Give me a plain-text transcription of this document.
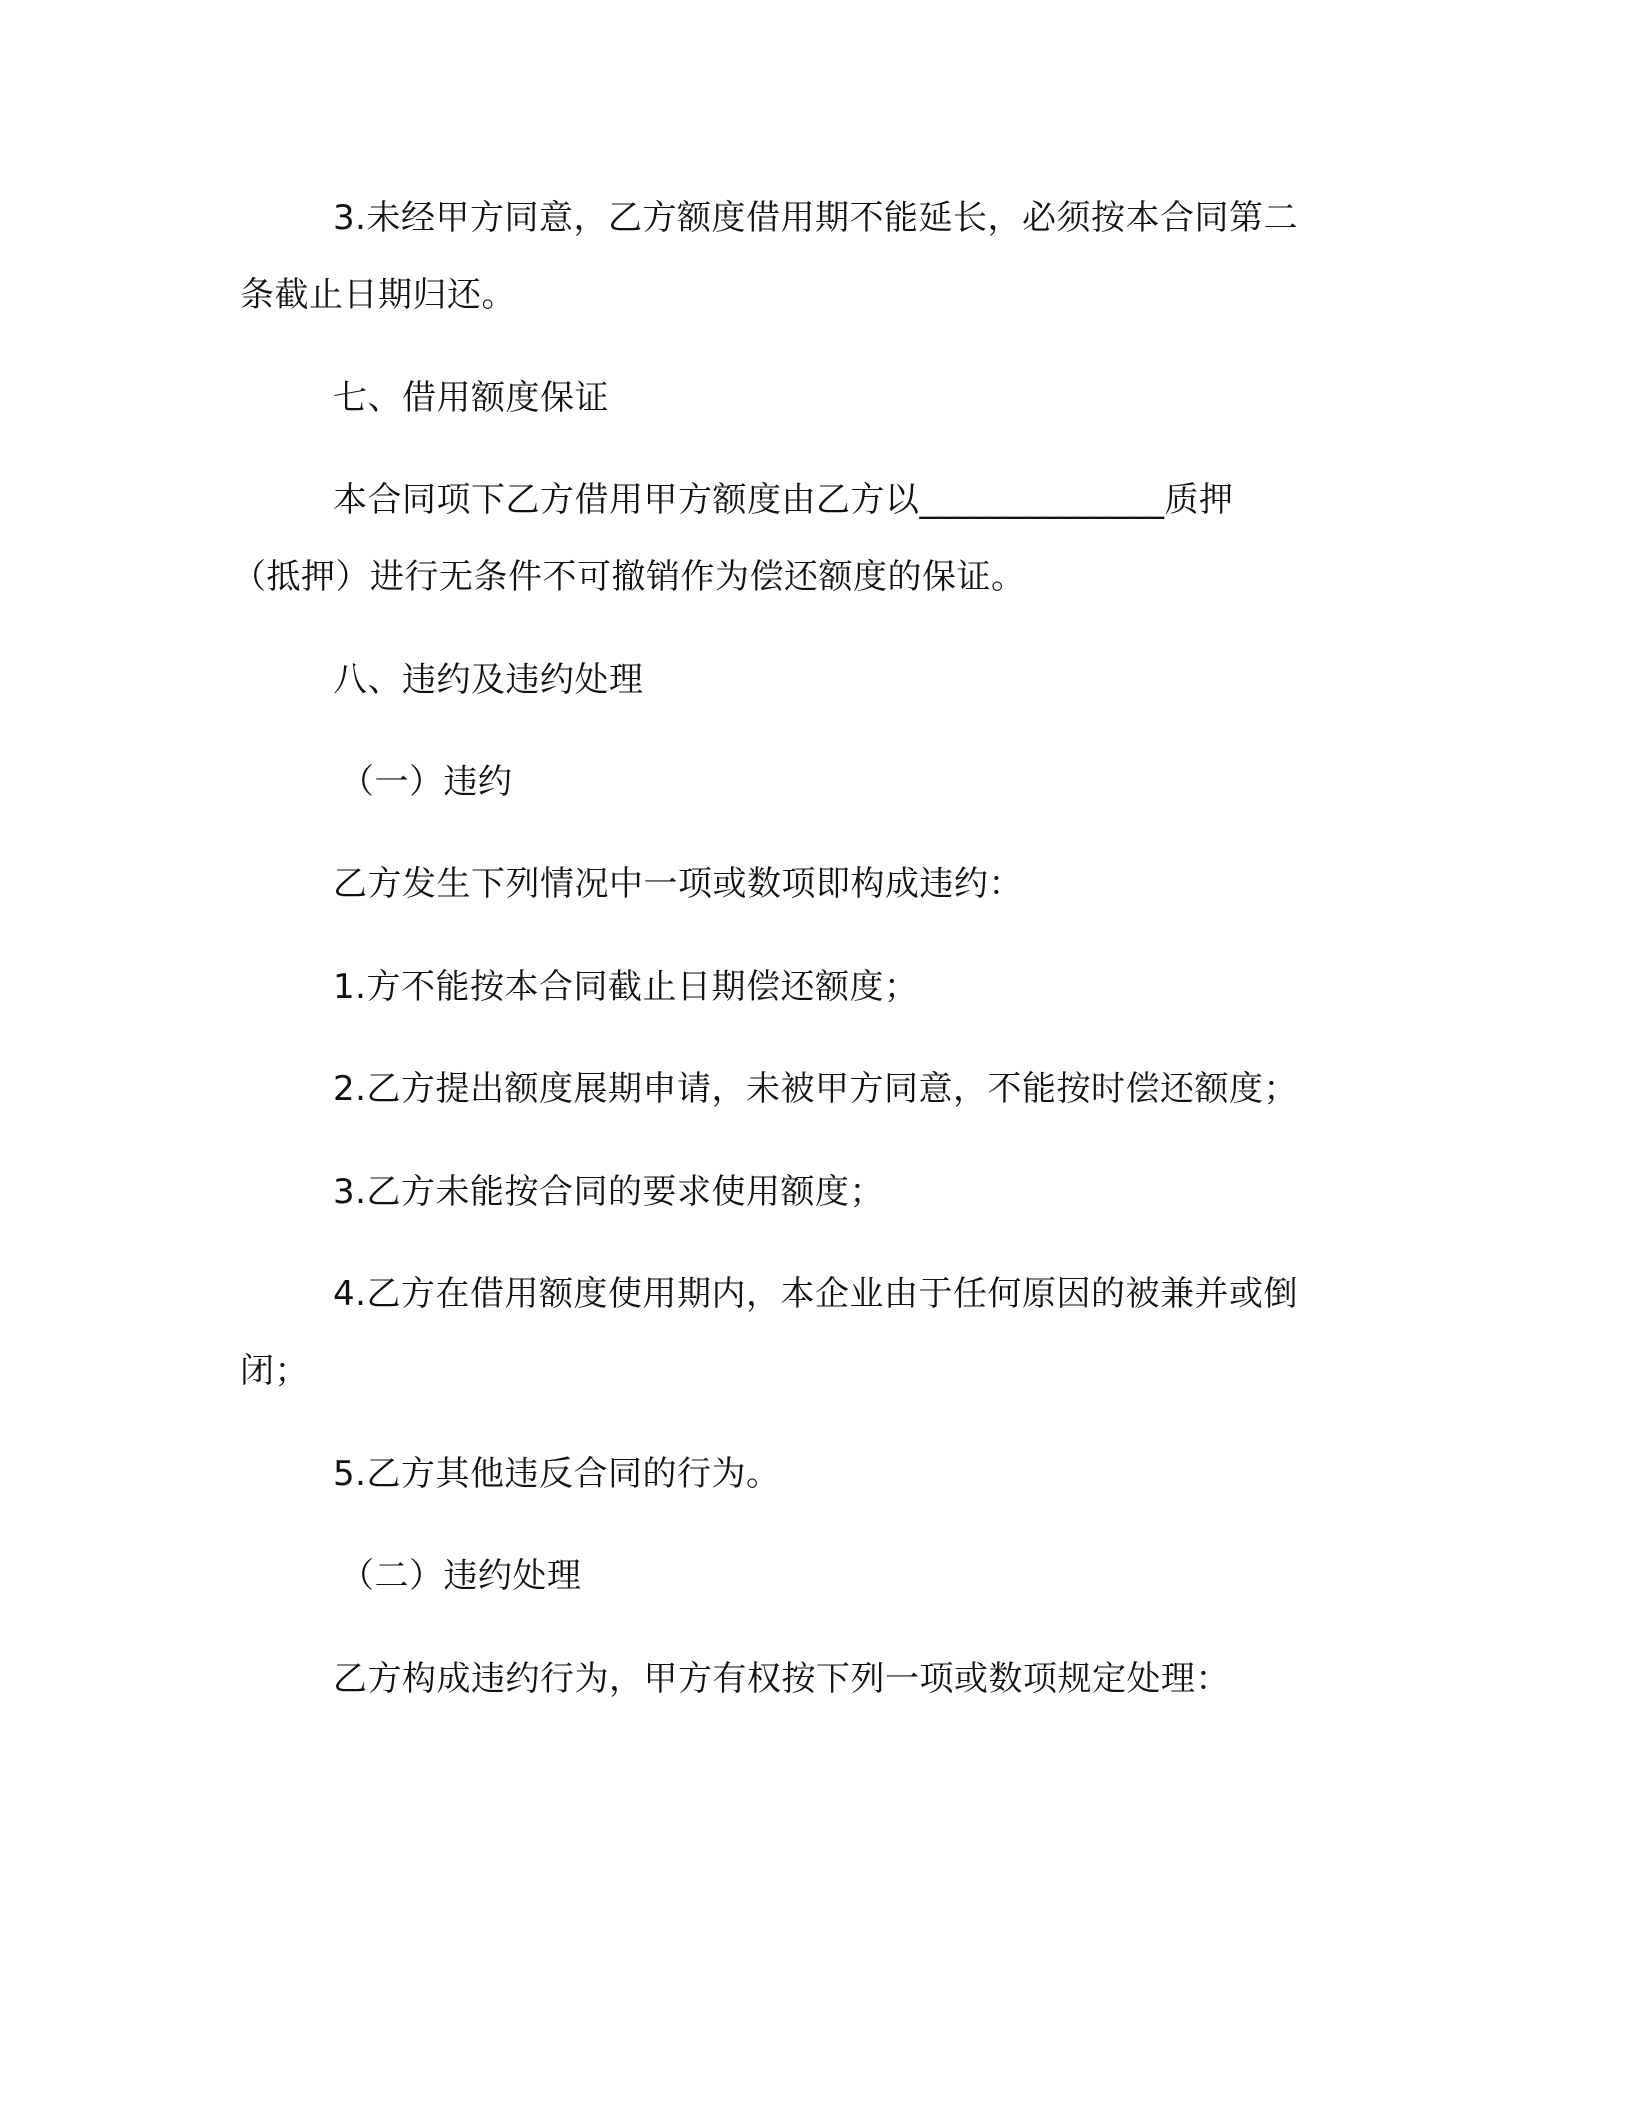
3.未经甲方同意，乙方额度借用期不能延长，必须按本合同第二
条截止日期归还。
七、借用额度保证
本合同项下乙方借用甲方额度由乙方以______________质押
（抵押）进行无条件不可撤销作为偿还额度的保证。
八、违约及违约处理
（一）违约
乙方发生下列情况中一项或数项即构成违约：
1.方不能按本合同截止日期偿还额度；
2.乙方提出额度展期申请，未被甲方同意，不能按时偿还额度；
3.乙方未能按合同的要求使用额度；
4.乙方在借用额度使用期内，本企业由于任何原因的被兼并或倒
闭；
5.乙方其他违反合同的行为。
（二）违约处理
乙方构成违约行为，甲方有权按下列一项或数项规定处理：
